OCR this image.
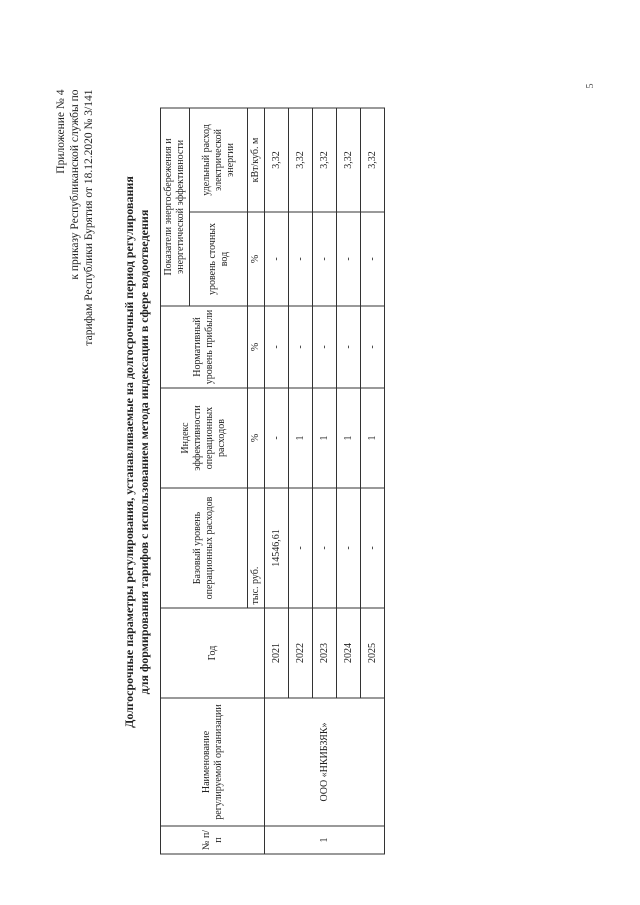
5
Приложение № 4 к приказу Республиканской службы по тарифам Республики Бурятия от 18.12.2020 № 3/141 Долгосрочные параметры регулирования, устанавливаемые на долгосрочный период регулирования для формирования тарифов с использованием метода индексации в сфере водоотведения
№ п/п	Наименование регулируемой организации	Год	Базовый уровень операционных расходов	Индекс эффективности операционных расходов	Нормативный уровень прибыли	Показатели энергосбережения и энергетической эффективности	
						уровень сточных вод	удельный расход электрической энергии
			тыс. руб.	%	%	%	кВт/куб. м
1	ООО «НКИБЗЯК»	2021	14546,61	-	-	-	3,32
		2022	-	1	-	-	3,32
		2023	-	1	-	-	3,32
		2024	-	1	-	-	3,32
		2025	-	1	-	-	3,32
